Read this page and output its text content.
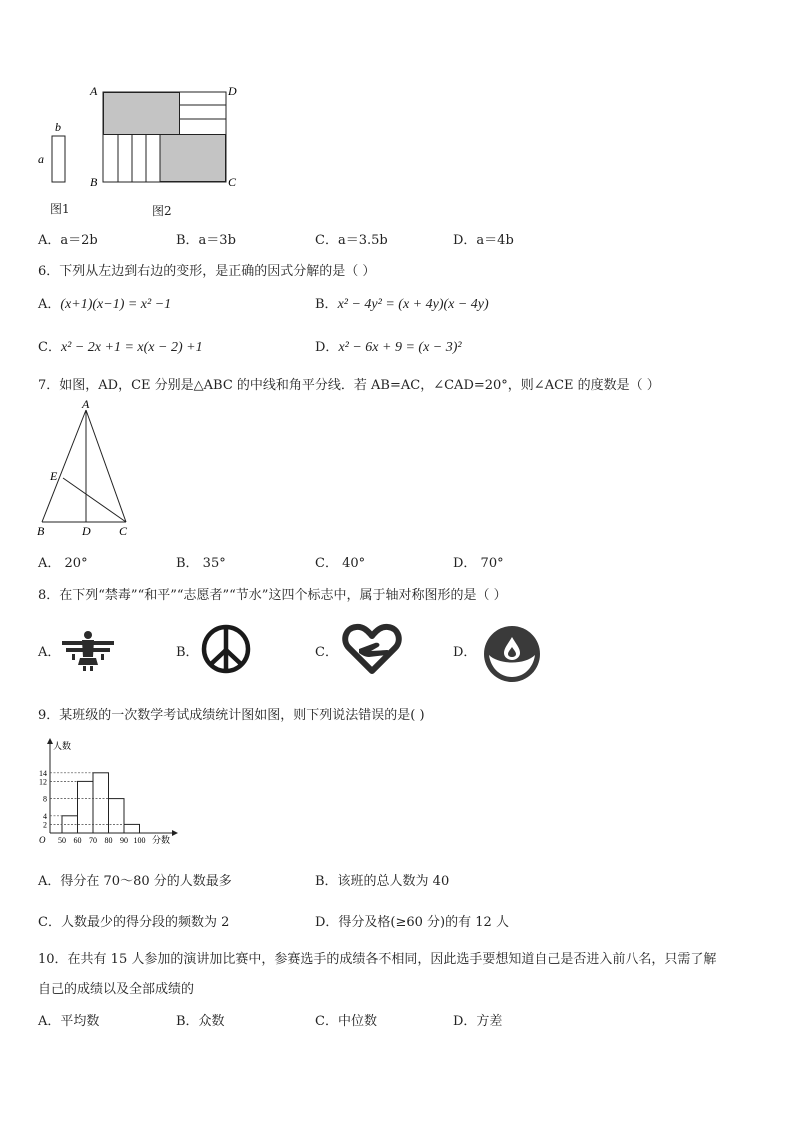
b
a
A	D
B	C
图1	图2
A．a＝2b	B．a＝3b	C．a＝3.5b	D．a＝4b
6．下列从左边到右边的变形，是正确的因式分解的是（ ）
A．(x+1)(x−1) = x² −1	B．x² − 4y² = (x + 4y)(x − 4y)
C．x² − 2x +1 = x(x − 2) +1	D．x² − 6x + 9 = (x − 3)²
7．如图，AD，CE 分别是△ABC 的中线和角平分线．若 AB=AC，∠CAD=20°，则∠ACE 的度数是（ ）
A
E
B	D C
A． 20°	B． 35°	C． 40°	D． 70°
8．在下列“禁毒”“和平”“志愿者”“节水”这四个标志中，属于轴对称图形的是（ ）
A．	B．	C．	D．
9．某班级的一次数学考试成绩统计图如图，则下列说法错误的是( )
2
4
8
12
14
50 60 70 80 90 100
O
人数
分数
A．得分在 70～80 分的人数最多	B．该班的总人数为 40
C．人数最少的得分段的频数为 2	D．得分及格(≥60 分)的有 12 人
10．在共有 15 人参加的演讲加比赛中，参赛选手的成绩各不相同，因此选手要想知道自己是否进入前八名，只需了解
自己的成绩以及全部成绩的
A．平均数	B．众数	C．中位数	D．方差
